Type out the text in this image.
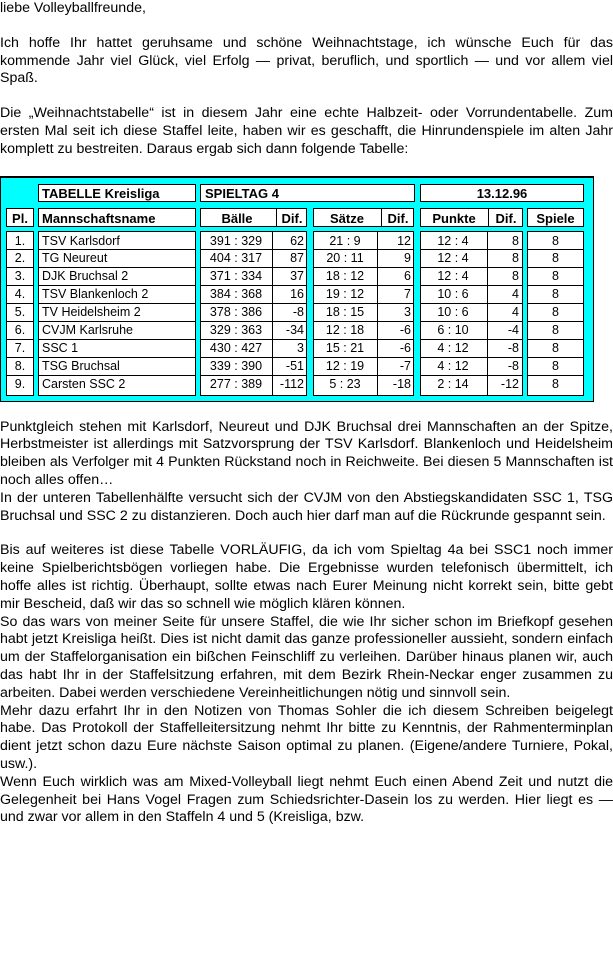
liebe Volleyballfreunde,

Ich hoffe Ihr hattet geruhsame und schöne Weihnachtstage, ich wünsche Euch für das kommende Jahr viel Glück, viel Erfolg — privat, beruflich, und sportlich — und vor allem viel Spaß.

Die „Weihnachtstabelle“ ist in diesem Jahr eine echte Halbzeit- oder Vorrundentabelle. Zum ersten Mal seit ich diese Staffel leite, haben wir es geschafft, die Hinrundenspiele im alten Jahr komplett zu bestreiten. Daraus ergab sich dann folgende Tabelle:

TABELLE Kreisliga	SPIELTAG 4	13.12.96
Pl.	Mannschaftsname	Bälle	Dif.	Sätze	Dif.	Punkte	Dif.	Spiele
1.	TSV Karlsdorf	391 : 329	62	21 : 9	12	12 : 4	8	8
2.	TG Neureut	404 : 317	87	20 : 11	9	12 : 4	8	8
3.	DJK Bruchsal 2	371 : 334	37	18 : 12	6	12 : 4	8	8
4.	TSV Blankenloch 2	384 : 368	16	19 : 12	7	10 : 6	4	8
5.	TV Heidelsheim 2	378 : 386	-8	18 : 15	3	10 : 6	4	8
6.	CVJM Karlsruhe	329 : 363	-34	12 : 18	-6	6 : 10	-4	8
7.	SSC 1	430 : 427	3	15 : 21	-6	4 : 12	-8	8
8.	TSG Bruchsal	339 : 390	-51	12 : 19	-7	4 : 12	-8	8
9.	Carsten SSC 2	277 : 389	-112	5 : 23	-18	2 : 14	-12	8

Punktgleich stehen mit Karlsdorf, Neureut und DJK Bruchsal drei Mannschaften an der Spitze, Herbstmeister ist allerdings mit Satzvorsprung der TSV Karlsdorf. Blankenloch und Heidelsheim bleiben als Verfolger mit 4 Punkten Rückstand noch in Reichweite. Bei diesen 5 Mannschaften ist noch alles offen…

In der unteren Tabellenhälfte versucht sich der CVJM von den Abstiegskandidaten SSC 1, TSG Bruchsal und SSC 2 zu distanzieren. Doch auch hier darf man auf die Rückrunde gespannt sein.

Bis auf weiteres ist diese Tabelle VORLÄUFIG, da ich vom Spieltag 4a bei SSC1 noch immer keine Spielberichtsbögen vorliegen habe. Die Ergebnisse wurden telefonisch übermittelt, ich hoffe alles ist richtig. Überhaupt, sollte etwas nach Eurer Meinung nicht korrekt sein, bitte gebt mir Bescheid, daß wir das so schnell wie möglich klären können.

So das wars von meiner Seite für unsere Staffel, die wie Ihr sicher schon im Briefkopf gesehen habt jetzt Kreisliga heißt. Dies ist nicht damit das ganze professioneller aussieht, sondern einfach um der Staffelorganisation ein bißchen Feinschliff zu verleihen. Darüber hinaus planen wir, auch das habt Ihr in der Staffelsitzung erfahren, mit dem Bezirk Rhein-Neckar enger zusammen zu arbeiten. Dabei werden verschiedene Vereinheitlichungen nötig und sinnvoll sein.

Mehr dazu erfahrt Ihr in den Notizen von Thomas Sohler die ich diesem Schreiben beigelegt habe. Das Protokoll der Staffelleitersitzung nehmt Ihr bitte zu Kenntnis, der Rahmenterminplan dient jetzt schon dazu Eure nächste Saison optimal zu planen. (Eigene/andere Turniere, Pokal, usw.).

Wenn Euch wirklich was am Mixed-Volleyball liegt nehmt Euch einen Abend Zeit und nutzt die Gelegenheit bei Hans Vogel Fragen zum Schiedsrichter-Dasein los zu werden. Hier liegt es — und zwar vor allem in den Staffeln 4 und 5 (Kreisliga, bzw.
